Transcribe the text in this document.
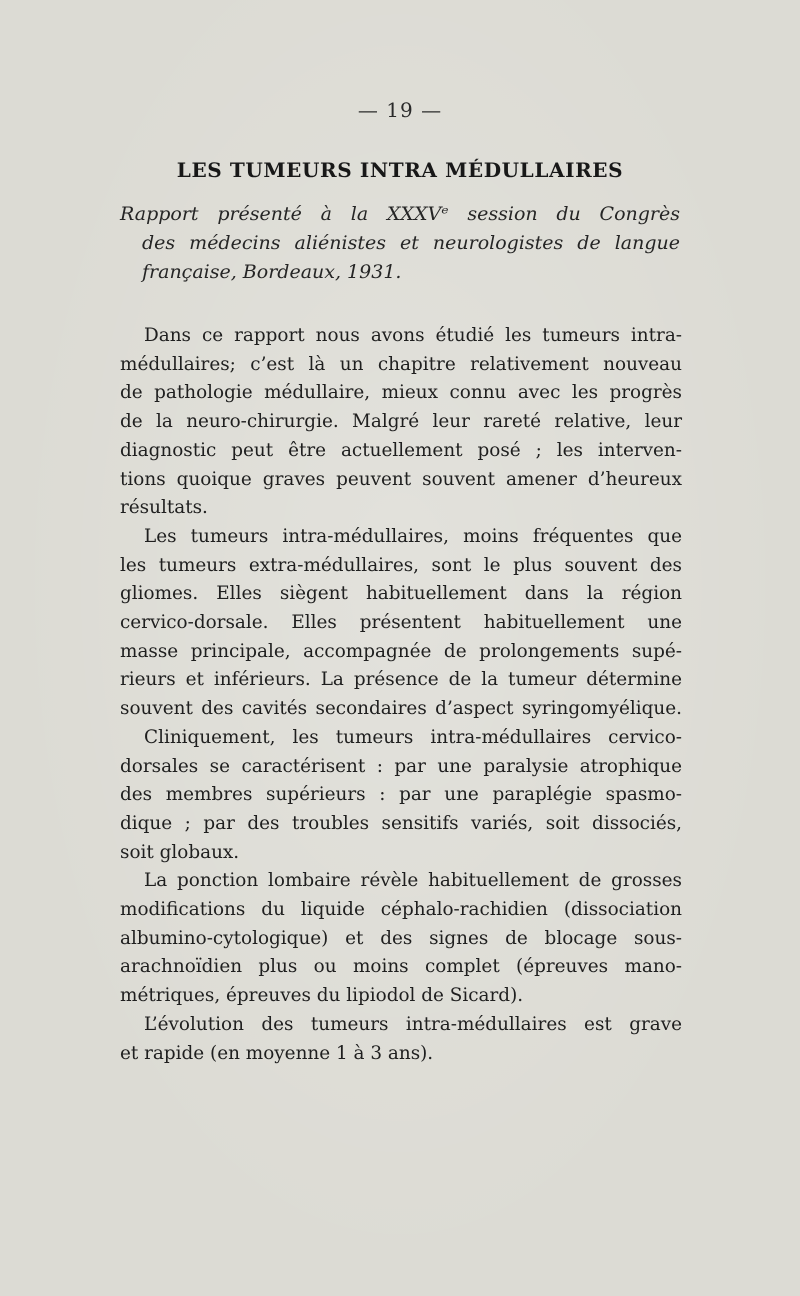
— 19 —
LES TUMEURS INTRA MÉDULLAIRES
Rapport présenté à la XXXVᵉ session du Congrès
des médecins aliénistes et neurologistes de langue
française, Bordeaux, 1931.
Dans ce rapport nous avons étudié les tumeurs intra-
médullaires; c’est là un chapitre relativement nouveau
de pathologie médullaire, mieux connu avec les progrès
de la neuro-chirurgie. Malgré leur rareté relative, leur
diagnostic peut être actuellement posé ; les interven-
tions quoique graves peuvent souvent amener d’heureux
résultats.
Les tumeurs intra-médullaires, moins fréquentes que
les tumeurs extra-médullaires, sont le plus souvent des
gliomes. Elles siègent habituellement dans la région
cervico-dorsale. Elles présentent habituellement une
masse principale, accompagnée de prolongements supé-
rieurs et inférieurs. La présence de la tumeur détermine
souvent des cavités secondaires d’aspect syringomyélique.
Cliniquement, les tumeurs intra-médullaires cervico-
dorsales se caractérisent : par une paralysie atrophique
des membres supérieurs : par une paraplégie spasmo-
dique ; par des troubles sensitifs variés, soit dissociés,
soit globaux.
La ponction lombaire révèle habituellement de grosses
modifications du liquide céphalo-rachidien (dissociation
albumino-cytologique) et des signes de blocage sous-
arachnoïdien plus ou moins complet (épreuves mano-
métriques, épreuves du lipiodol de Sicard).
L’évolution des tumeurs intra-médullaires est grave
et rapide (en moyenne 1 à 3 ans).
